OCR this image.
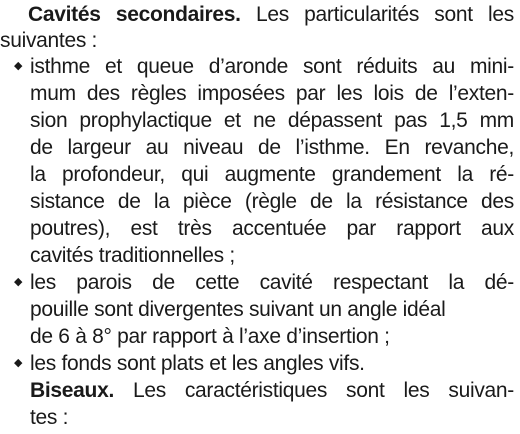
Cavités secondaires. Les particularités sont les
suivantes :
◆ isthme et queue d’aronde sont réduits au mini-
mum des règles imposées par les lois de l’exten-
sion prophylactique et ne dépassent pas 1,5 mm
de largeur au niveau de l’isthme. En revanche,
la profondeur, qui augmente grandement la ré-
sistance de la pièce (règle de la résistance des
poutres), est très accentuée par rapport aux
cavités traditionnelles ;
◆ les parois de cette cavité respectant la dé-
pouille sont divergentes suivant un angle idéal
◆ les fonds sont plats et les angles vifs.
Biseaux. Les caractéristiques sont les suivan-
tes :
de 6 à 8° par rapport à l’axe d’insertion ;
